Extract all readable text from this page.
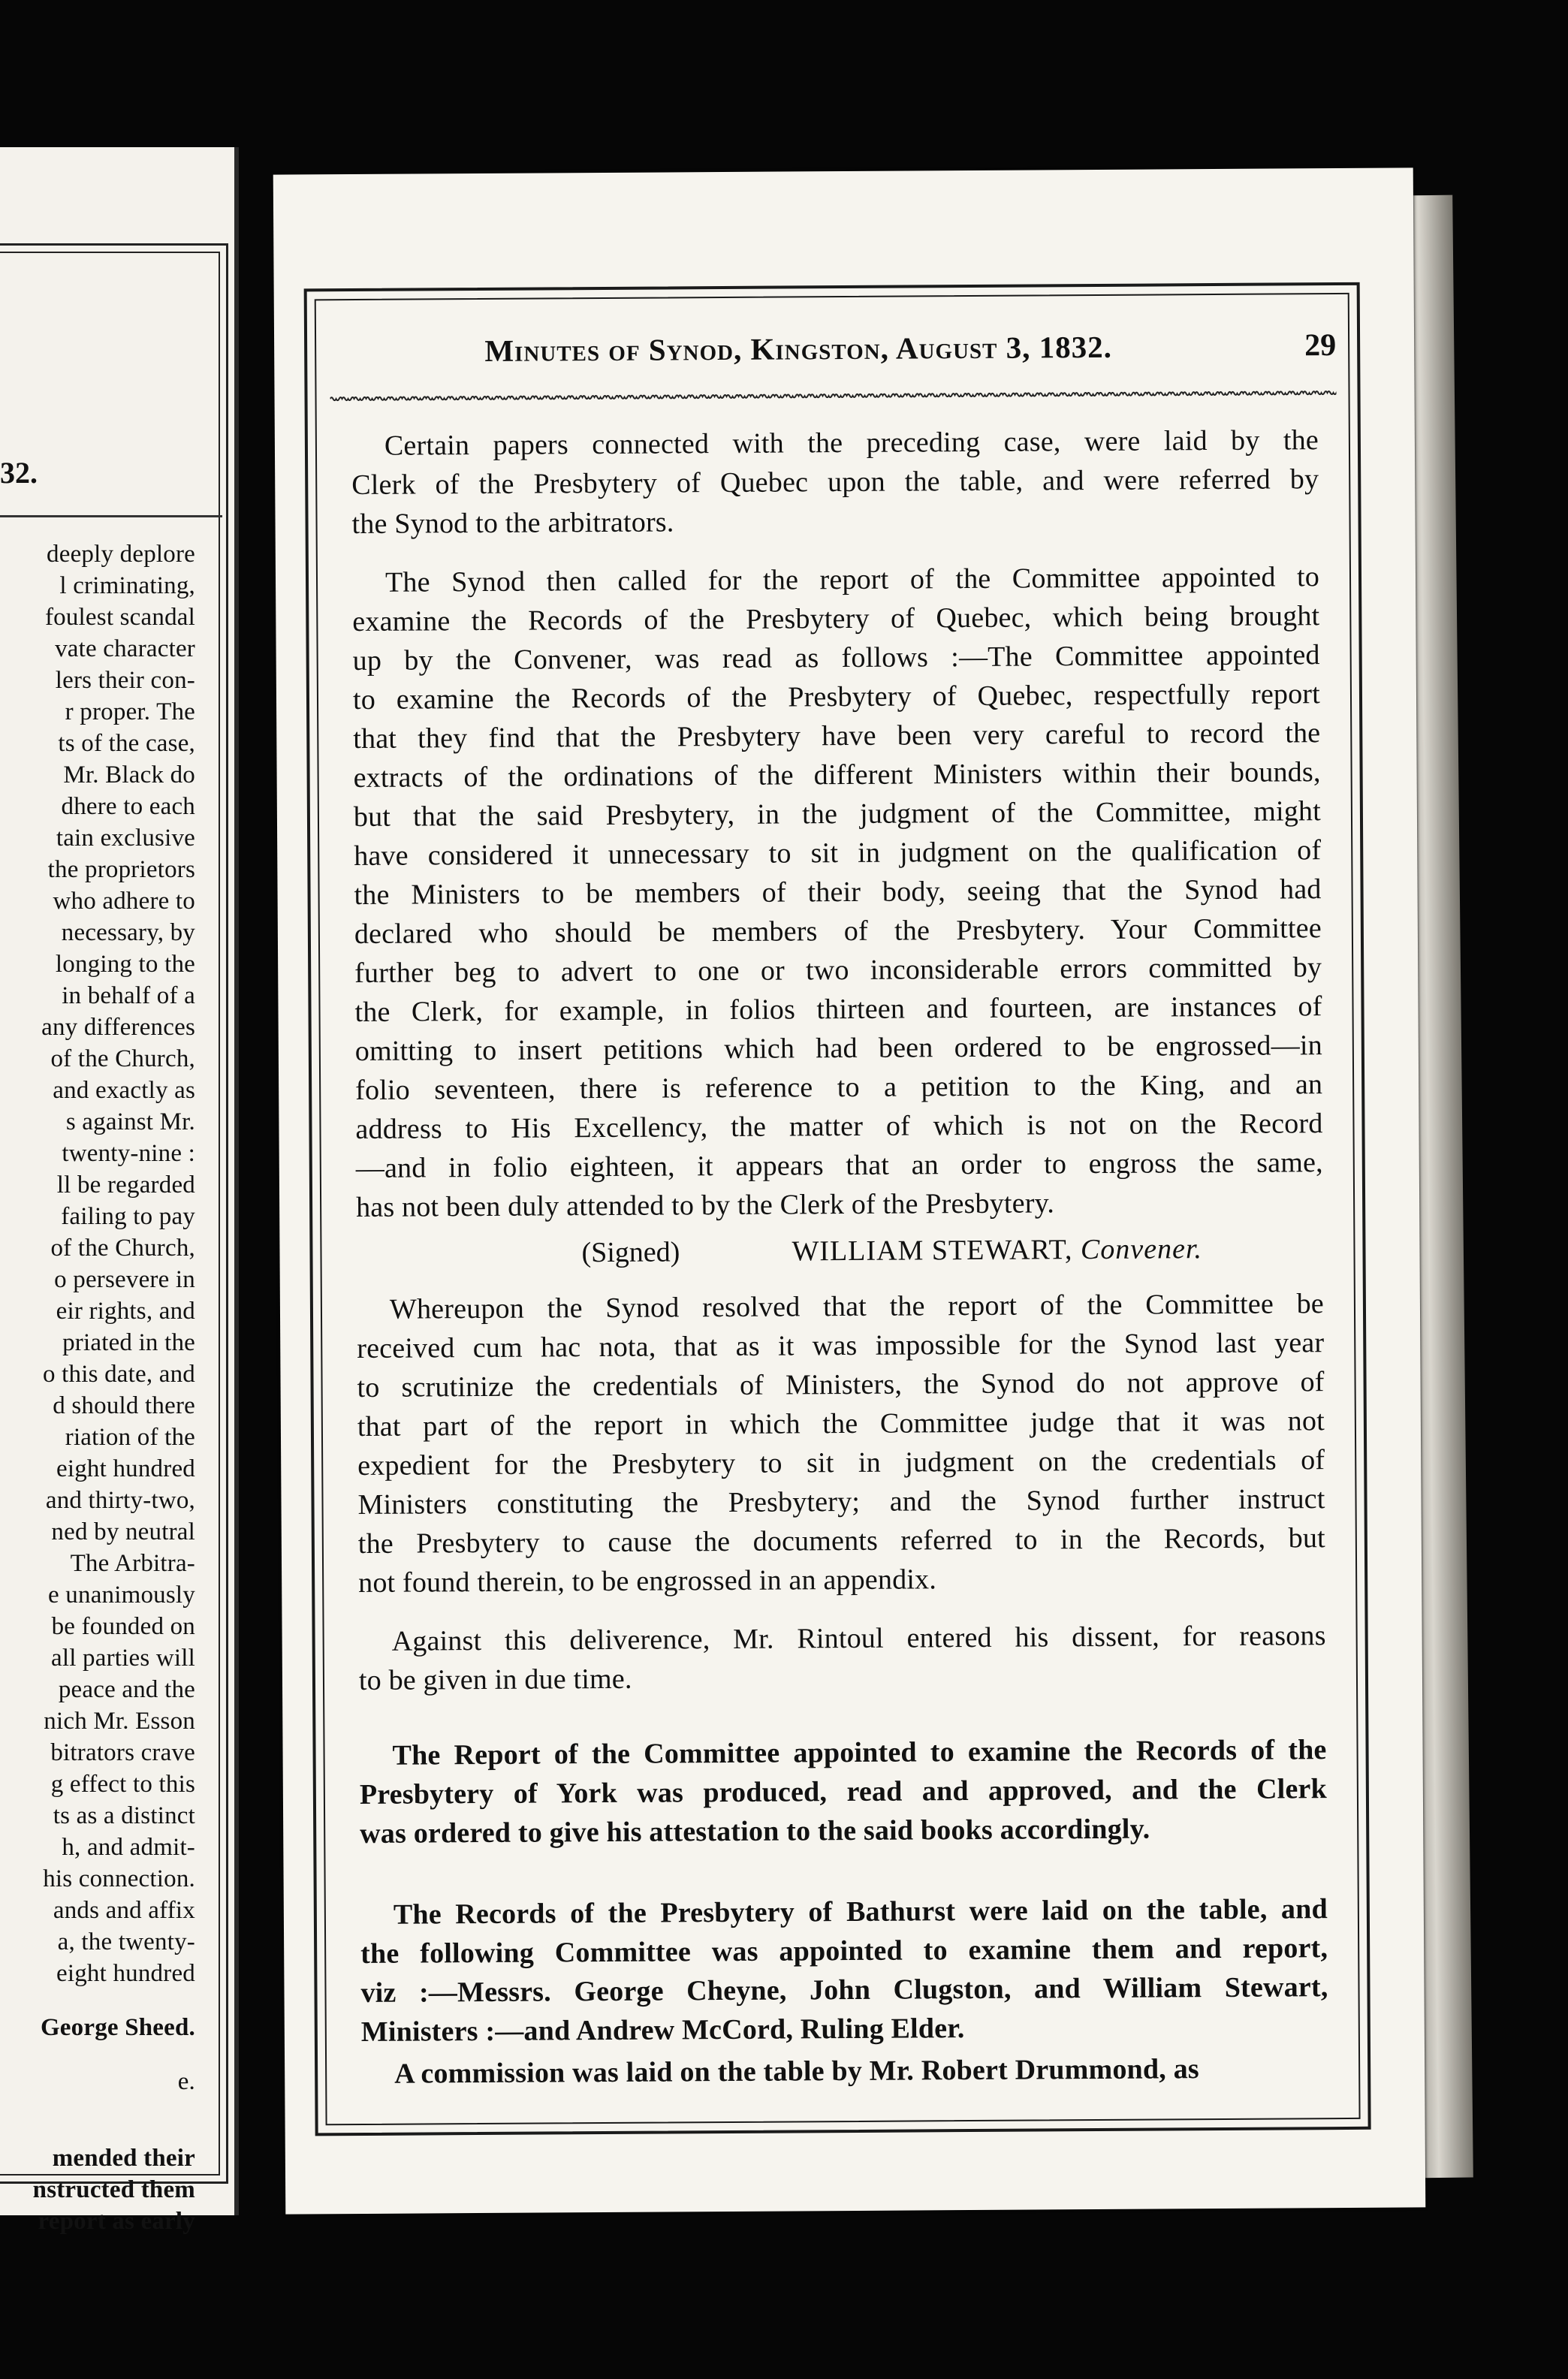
32.
deeply deplore
l criminating,
foulest scandal
vate character
lers their con-
r proper. The
ts of the case,
Mr. Black do
dhere to each
tain exclusive
the proprietors
who adhere to
necessary, by
longing to the
in behalf of a
any differences
of the Church,
and exactly as
s against Mr.
twenty-nine :
ll be regarded
failing to pay
of the Church,
o persevere in
eir rights, and
priated in the
o this date, and
d should there
riation of the
eight hundred
and thirty-two,
ned by neutral
The Arbitra-
e unanimously
be founded on
all parties will
peace and the
nich Mr. Esson
bitrators crave
g effect to this
ts as a distinct
h, and admit-
his connection.
ands and affix
a, the twenty-
eight hundred
George Sheed.
e.
mended their
nstructed them
report as early
Minutes of Synod, Kingston, August 3, 1832.	29
Certain papers connected with the preceding case, were laid by the
Clerk of the Presbytery of Quebec upon the table, and were referred by
the Synod to the arbitrators.
The Synod then called for the report of the Committee appointed to
examine the Records of the Presbytery of Quebec, which being brought
up by the Convener, was read as follows :—The Committee appointed
to examine the Records of the Presbytery of Quebec, respectfully report
that they find that the Presbytery have been very careful to record the
extracts of the ordinations of the different Ministers within their bounds,
but that the said Presbytery, in the judgment of the Committee, might
have considered it unnecessary to sit in judgment on the qualification of
the Ministers to be members of their body, seeing that the Synod had
declared who should be members of the Presbytery. Your Committee
further beg to advert to one or two inconsiderable errors committed by
the Clerk, for example, in folios thirteen and fourteen, are instances of
omitting to insert petitions which had been ordered to be engrossed—in
folio seventeen, there is reference to a petition to the King, and an
address to His Excellency, the matter of which is not on the Record
—and in folio eighteen, it appears that an order to engross the same,
has not been duly attended to by the Clerk of the Presbytery.
(Signed)	WILLIAM STEWART, Convener.
Whereupon the Synod resolved that the report of the Committee be
received cum hac nota, that as it was impossible for the Synod last year
to scrutinize the credentials of Ministers, the Synod do not approve of
that part of the report in which the Committee judge that it was not
expedient for the Presbytery to sit in judgment on the credentials of
Ministers constituting the Presbytery; and the Synod further instruct
the Presbytery to cause the documents referred to in the Records, but
not found therein, to be engrossed in an appendix.
Against this deliverence, Mr. Rintoul entered his dissent, for reasons
to be given in due time.
The Report of the Committee appointed to examine the Records of the
Presbytery of York was produced, read and approved, and the Clerk
was ordered to give his attestation to the said books accordingly.
The Records of the Presbytery of Bathurst were laid on the table, and
the following Committee was appointed to examine them and report,
viz :—Messrs. George Cheyne, John Clugston, and William Stewart,
Ministers :—and Andrew McCord, Ruling Elder.
A commission was laid on the table by Mr. Robert Drummond, as
